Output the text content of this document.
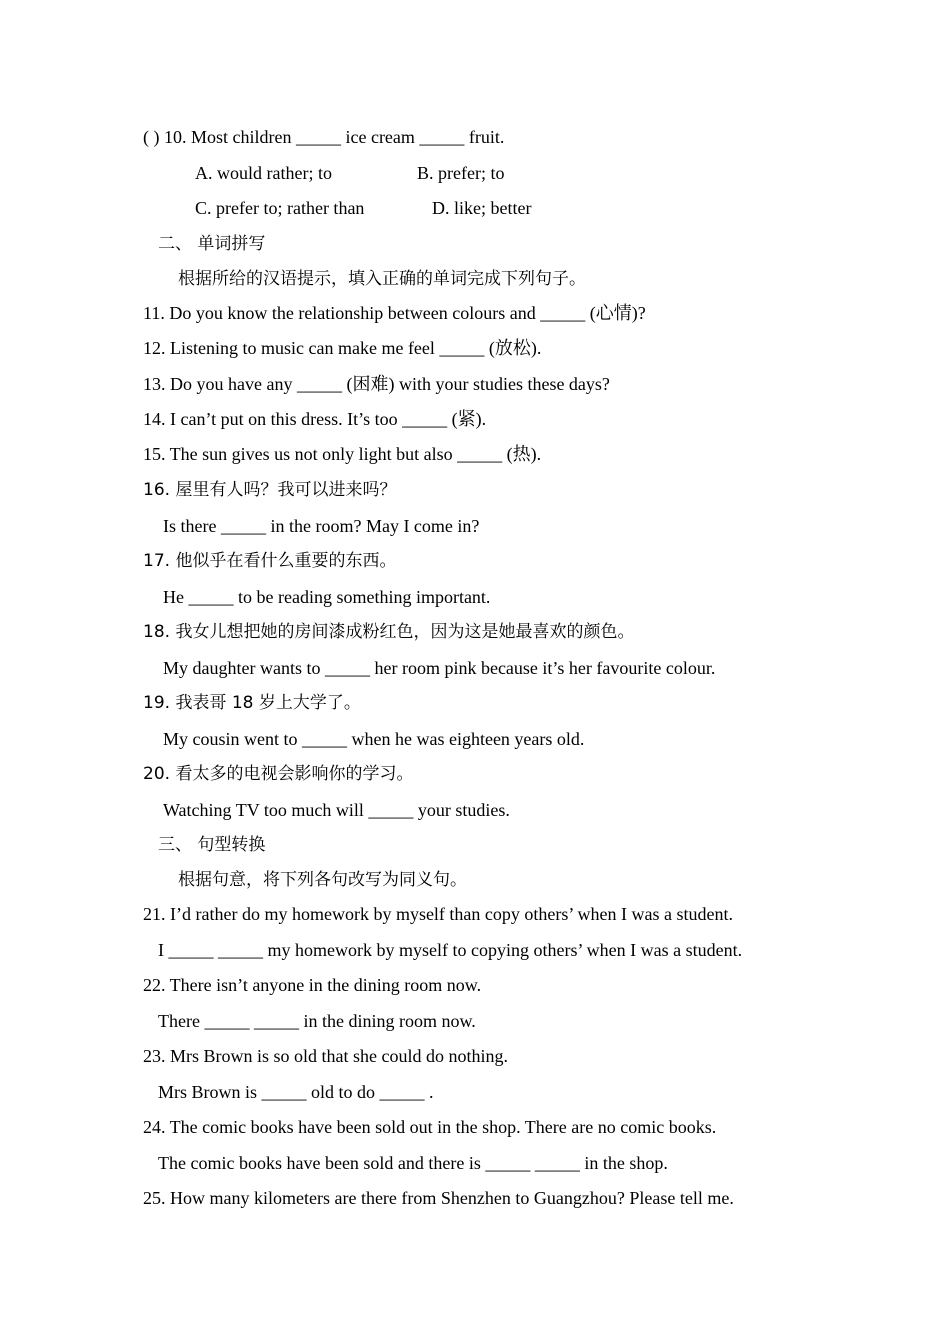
( ) 10. Most children _____ ice cream _____ fruit.
A. would rather; to	B. prefer; to
C. prefer to; rather than	D. like; better
二、 单词拼写
根据所给的汉语提示，填入正确的单词完成下列句子。
11. Do you know the relationship between colours and _____ (心情)?
12. Listening to music can make me feel _____ (放松).
13. Do you have any _____ (困难) with your studies these days?
14. I can’t put on this dress. It’s too _____ (紧).
15. The sun gives us not only light but also _____ (热).
16. 屋里有人吗？我可以进来吗？
Is there _____ in the room? May I come in?
17. 他似乎在看什么重要的东西。
He _____ to be reading something important.
18. 我女儿想把她的房间漆成粉红色，因为这是她最喜欢的颜色。
My daughter wants to _____ her room pink because it’s her favourite colour.
19. 我表哥 18 岁上大学了。
My cousin went to _____ when he was eighteen years old.
20. 看太多的电视会影响你的学习。
Watching TV too much will _____ your studies.
三、 句型转换
根据句意，将下列各句改写为同义句。
21. I’d rather do my homework by myself than copy others’ when I was a student.
I _____ _____ my homework by myself to copying others’ when I was a student.
22. There isn’t anyone in the dining room now.
There _____ _____ in the dining room now.
23. Mrs Brown is so old that she could do nothing.
Mrs Brown is _____ old to do _____ .
24. The comic books have been sold out in the shop. There are no comic books.
The comic books have been sold and there is _____ _____ in the shop.
25. How many kilometers are there from Shenzhen to Guangzhou? Please tell me.
